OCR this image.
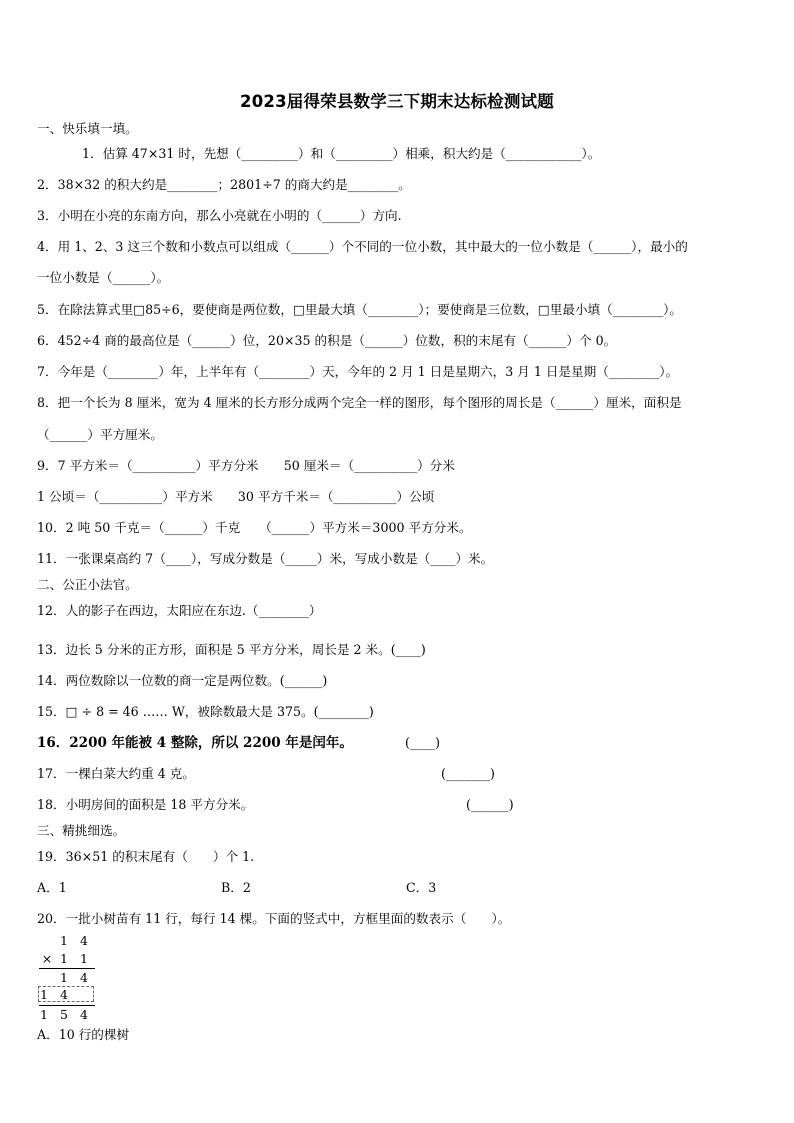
2023届得荣县数学三下期末达标检测试题
一、快乐填一填。
1．估算 47×31 时，先想（_________）和（_________）相乘，积大约是（____________）。
2．38×32 的积大约是________；2801÷7 的商大约是________。
3．小明在小亮的东南方向，那么小亮就在小明的（______）方向.
4．用 1、2、3 这三个数和小数点可以组成（______）个不同的一位小数，其中最大的一位小数是（______），最小的
一位小数是（______）。
5．在除法算式里□85÷6，要使商是两位数，□里最大填（________）；要使商是三位数，□里最小填（________）。
6．452÷4 商的最高位是（______）位，20×35 的积是（______）位数，积的末尾有（______）个 0。
7．今年是（________）年，上半年有（________）天，今年的 2 月 1 日是星期六，3 月 1 日是星期（________）。
8．把一个长为 8 厘米，宽为 4 厘米的长方形分成两个完全一样的图形，每个图形的周长是（______）厘米，面积是
（______）平方厘米。
9．7 平方米＝（__________）平方分米　　50 厘米＝（__________）分米
1 公顷＝（__________）平方米　　30 平方千米＝（__________）公顷
10．2 吨 50 千克＝（______）千克　　（______）平方米＝3000 平方分米。
11．一张课桌高约 7（____），写成分数是（_____）米，写成小数是（____）米。
二、公正小法官。
12．人的影子在西边，太阳应在东边.（________）
13．边长 5 分米的正方形，面积是 5 平方分米，周长是 2 米。(____)
14．两位数除以一位数的商一定是两位数。(______)
15．□ ÷ 8 = 46 …… W，被除数最大是 375。(________)
16．2200 年能被 4 整除，所以 2200 年是闰年。	(____)
17．一棵白菜大约重 4 克。	(_______)
18．小明房间的面积是 18 平方分米。	(______)
三、精挑细选。
19．36×51 的积末尾有（　　）个 1.
A．1	B．2	C．3
20．一批小树苗有 11 行，每行 14 棵。下面的竖式中，方框里面的数表示（　　）。
1 4
× 1 1
1 4
1 4
1 5 4
A．10 行的棵树
